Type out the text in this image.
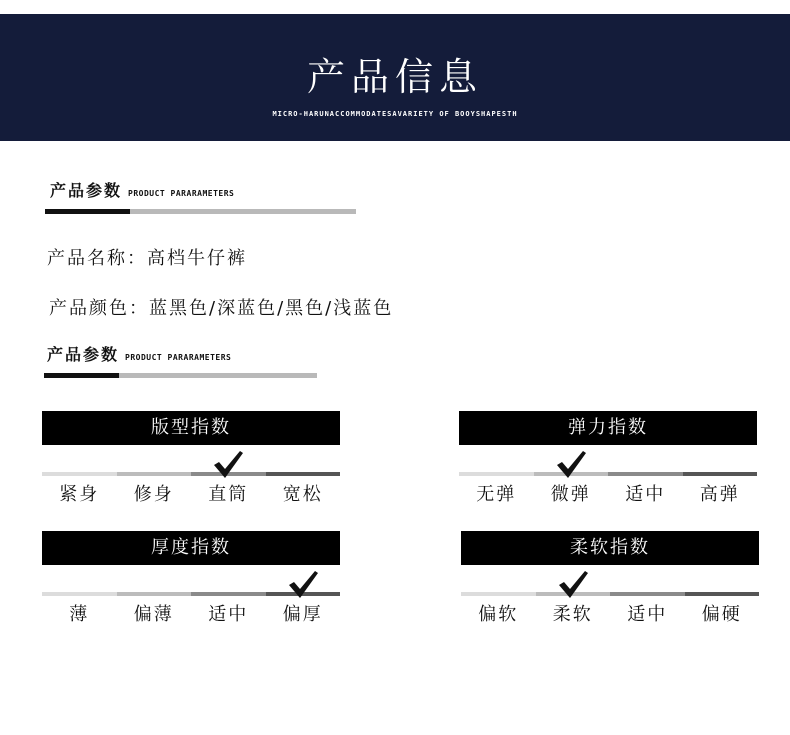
产品信息
MICRO-HARUNACCOMMODATESAVARIETY OF BOOYSHAPESTH
产品参数 PRODUCT PARARAMETERS
产品名称：高档牛仔裤
产品颜色：蓝黑色/深蓝色/黑色/浅蓝色
产品参数 PRODUCT PARARAMETERS
版型指数
紧身	修身	直筒	宽松
弹力指数
无弹	微弹	适中	高弹
厚度指数
薄	偏薄	适中	偏厚
柔软指数
偏软	柔软	适中	偏硬
